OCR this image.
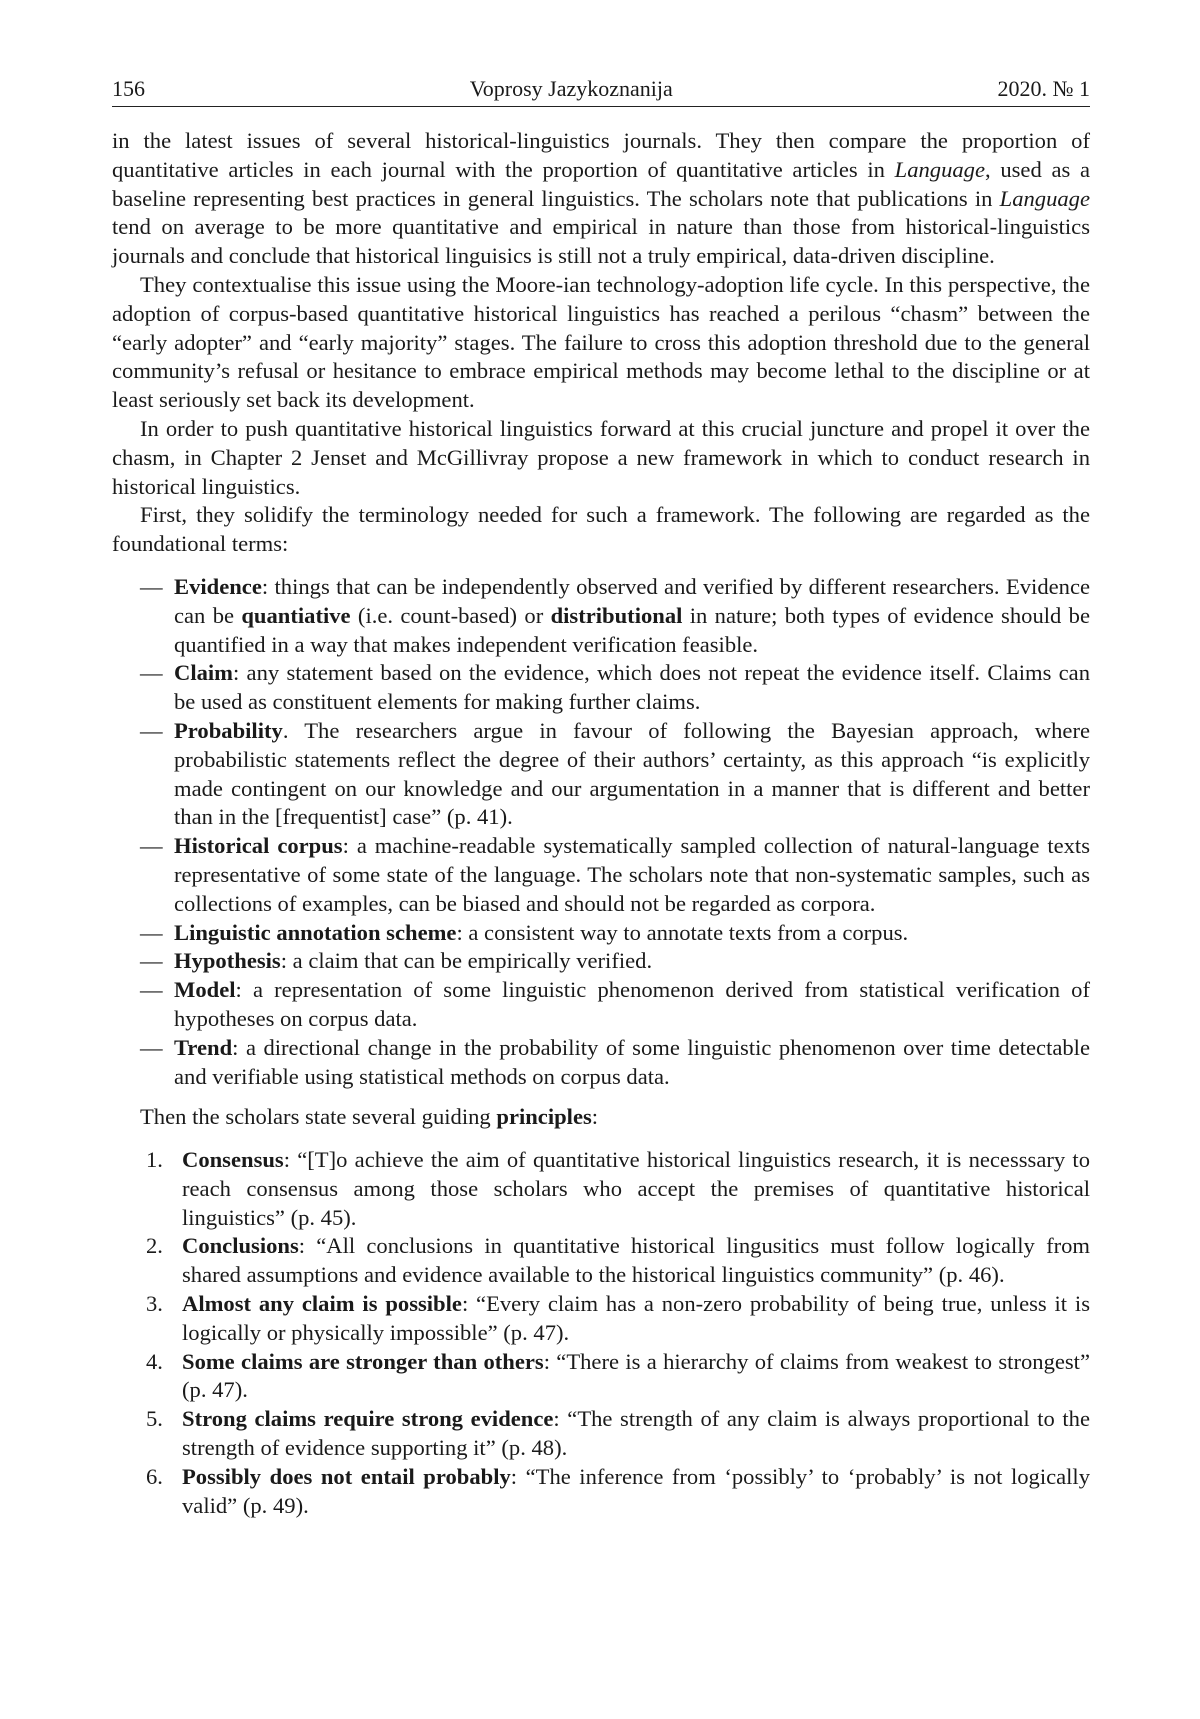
156	Voprosy Jazykoznanija	2020. № 1

in the latest issues of several historical-linguistics journals. They then compare the proportion of quantitative articles in each journal with the proportion of quantitative articles in Language, used as a baseline representing best practices in general linguistics. The scholars note that publications in Language tend on average to be more quantitative and empirical in nature than those from historical-linguistics journals and conclude that historical linguisics is still not a truly empirical, data-driven discipline.

They contextualise this issue using the Moore-ian technology-adoption life cycle. In this perspective, the adoption of corpus-based quantitative historical linguistics has reached a perilous “chasm” between the “early adopter” and “early majority” stages. The failure to cross this adoption threshold due to the general community’s refusal or hesitance to embrace empirical methods may become lethal to the discipline or at least seriously set back its development.

In order to push quantitative historical linguistics forward at this crucial juncture and propel it over the chasm, in Chapter 2 Jenset and McGillivray propose a new framework in which to conduct research in historical linguistics.

First, they solidify the terminology needed for such a framework. The following are regarded as the foundational terms:

— Evidence: things that can be independently observed and verified by different researchers. Evidence can be quantiative (i.e. count-based) or distributional in nature; both types of evidence should be quantified in a way that makes independent verification feasible.
— Claim: any statement based on the evidence, which does not repeat the evidence itself. Claims can be used as constituent elements for making further claims.
— Probability. The researchers argue in favour of following the Bayesian approach, where probabilistic statements reflect the degree of their authors’ certainty, as this approach “is explicitly made contingent on our knowledge and our argumentation in a manner that is different and better than in the [frequentist] case” (p. 41).
— Historical corpus: a machine-readable systematically sampled collection of natural-language texts representative of some state of the language. The scholars note that non-systematic samples, such as collections of examples, can be biased and should not be regarded as corpora.
— Linguistic annotation scheme: a consistent way to annotate texts from a corpus.
— Hypothesis: a claim that can be empirically verified.
— Model: a representation of some linguistic phenomenon derived from statistical verification of hypotheses on corpus data.
— Trend: a directional change in the probability of some linguistic phenomenon over time detectable and verifiable using statistical methods on corpus data.

Then the scholars state several guiding principles:

1. Consensus: “[T]o achieve the aim of quantitative historical linguistics research, it is necesssary to reach consensus among those scholars who accept the premises of quantitative historical linguistics” (p. 45).
2. Conclusions: “All conclusions in quantitative historical lingusitics must follow logically from shared assumptions and evidence available to the historical linguistics community” (p. 46).
3. Almost any claim is possible: “Every claim has a non-zero probability of being true, unless it is logically or physically impossible” (p. 47).
4. Some claims are stronger than others: “There is a hierarchy of claims from weakest to strongest” (p. 47).
5. Strong claims require strong evidence: “The strength of any claim is always proportional to the strength of evidence supporting it” (p. 48).
6. Possibly does not entail probably: “The inference from ‘possibly’ to ‘probably’ is not logically valid” (p. 49).
